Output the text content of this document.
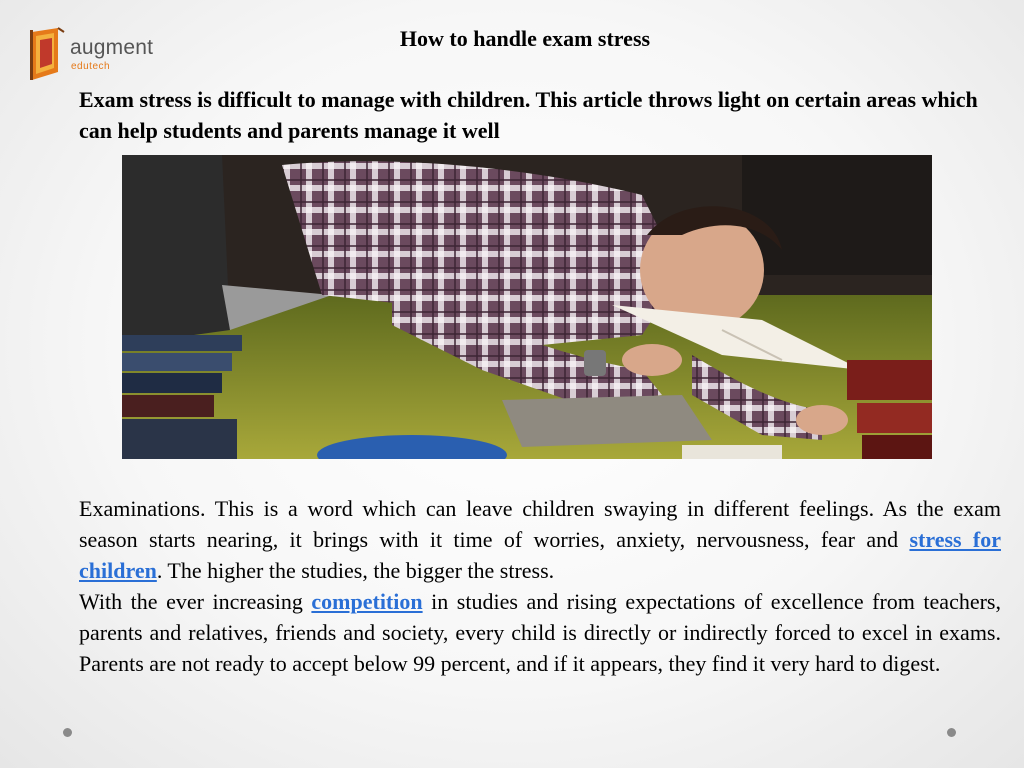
augment
edutech
How to handle exam stress
Exam stress is difficult to manage with children. This article throws light on certain areas which can help students and parents manage it well

Examinations. This is a word which can leave children swaying in different feelings. As the exam season starts nearing, it brings with it time of worries, anxiety, nervousness, fear and stress for children. The higher the studies, the bigger the stress.

With the ever increasing competition in studies and rising expectations of excellence from teachers, parents and relatives, friends and society, every child is directly or indirectly forced to excel in exams. Parents are not ready to accept below 99 percent, and if it appears, they find it very hard to digest.
